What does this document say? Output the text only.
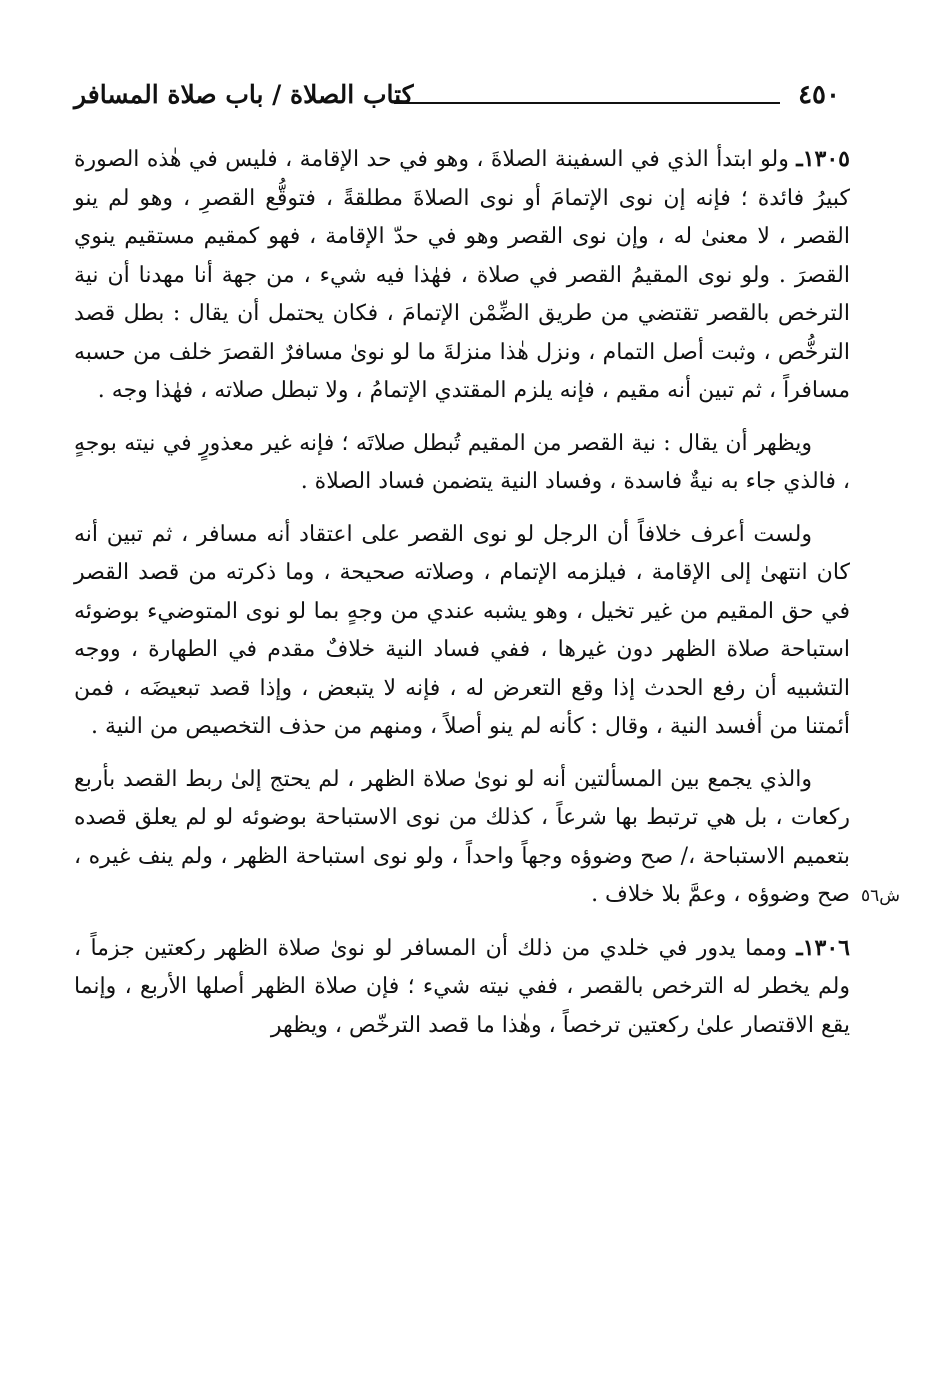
٤٥٠
كتاب الصلاة / باب صلاة المسافر

١٣٠٥ـ ولو ابتدأ الذي في السفينة الصلاةَ ، وهو في حد الإقامة ، فليس في هٰذه الصورة كبيرُ فائدة ؛ فإنه إن نوى الإتمامَ أو نوى الصلاةَ مطلقةً ، فتوقُّع القصرِ ، وهو لم ينو القصر ، لا معنىٰ له ، وإن نوى القصر وهو في حدّ الإقامة ، فهو كمقيم مستقيم ينوي القصرَ . ولو نوى المقيمُ القصر في صلاة ، فهٰذا فيه شيء ، من جهة أنا مهدنا أن نية الترخص بالقصر تقتضي من طريق الضِّمْن الإتمامَ ، فكان يحتمل أن يقال : بطل قصد الترخُّص ، وثبت أصل التمام ، ونزل هٰذا منزلةَ ما لو نوىٰ مسافرٌ القصرَ خلف من حسبه مسافراً ، ثم تبين أنه مقيم ، فإنه يلزم المقتدي الإتمامُ ، ولا تبطل صلاته ، فهٰذا وجه .

ويظهر أن يقال : نية القصر من المقيم تُبطل صلاتَه ؛ فإنه غير معذورٍ في نيته بوجهٍ ، فالذي جاء به نيةٌ فاسدة ، وفساد النية يتضمن فساد الصلاة .

ولست أعرف خلافاً أن الرجل لو نوى القصر على اعتقاد أنه مسافر ، ثم تبين أنه كان انتهىٰ إلى الإقامة ، فيلزمه الإتمام ، وصلاته صحيحة ، وما ذكرته من قصد القصر في حق المقيم من غير تخيل ، وهو يشبه عندي من وجهٍ بما لو نوى المتوضيء بوضوئه استباحة صلاة الظهر دون غيرها ، ففي فساد النية خلافٌ مقدم في الطهارة ، ووجه التشبيه أن رفع الحدث إذا وقع التعرض له ، فإنه لا يتبعض ، وإذا قصد تبعيضَه ، فمن أئمتنا من أفسد النية ، وقال : كأنه لم ينو أصلاً ، ومنهم من حذف التخصيص من النية .

ش٥٦

والذي يجمع بين المسألتين أنه لو نوىٰ صلاة الظهر ، لم يحتج إلىٰ ربط القصد بأربع ركعات ، بل هي ترتبط بها شرعاً ، كذلك من نوى الاستباحة بوضوئه لو لم يعلق قصده بتعميم الاستباحة ،/ صح وضوؤه وجهاً واحداً ، ولو نوى استباحة الظهر ، ولم ينف غيره ، صح وضوؤه ، وعمَّ بلا خلاف .

١٣٠٦ـ ومما يدور في خلدي من ذلك أن المسافر لو نوىٰ صلاة الظهر ركعتين جزماً ، ولم يخطر له الترخص بالقصر ، ففي نيته شيء ؛ فإن صلاة الظهر أصلها الأربع ، وإنما يقع الاقتصار علىٰ ركعتين ترخصاً ، وهٰذا ما قصد الترخّص ، ويظهر
